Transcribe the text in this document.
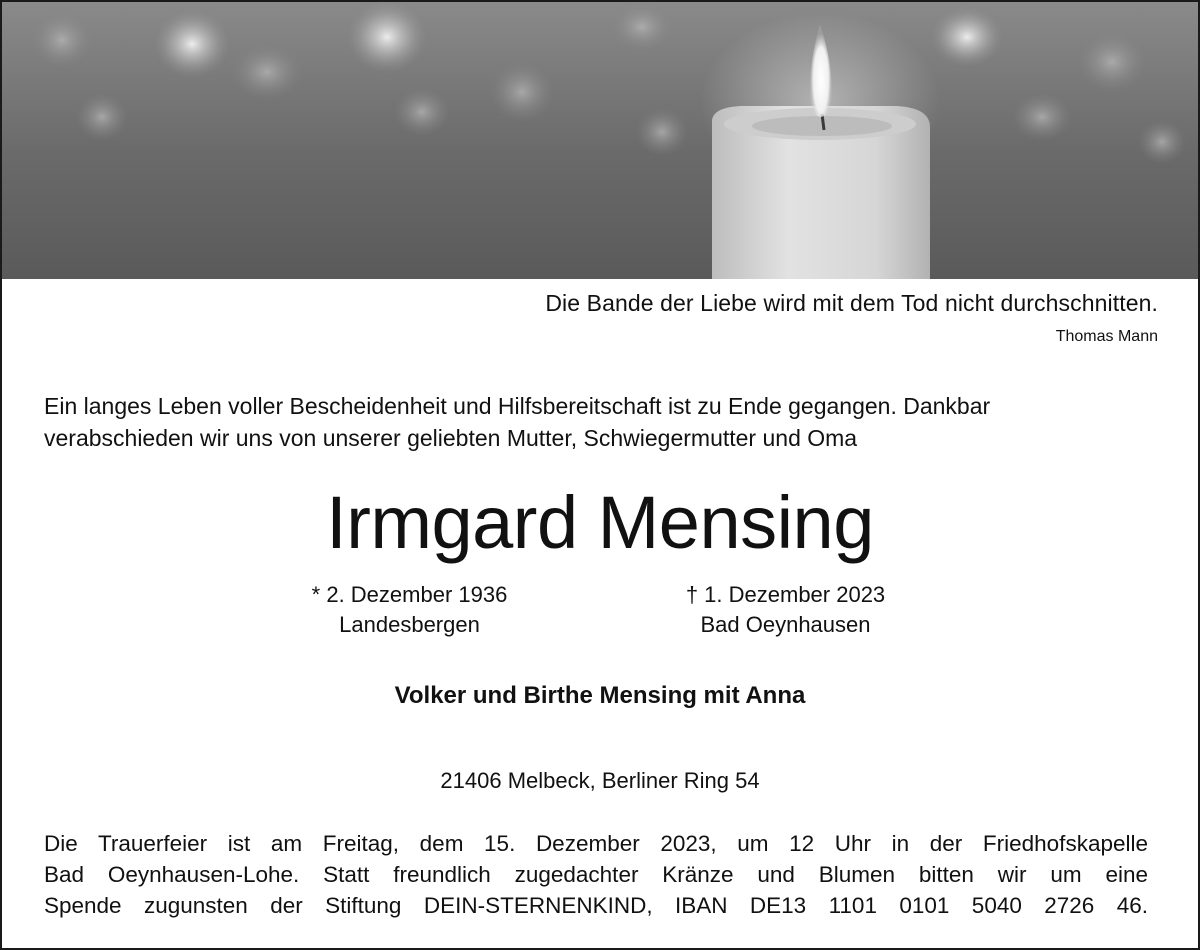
Die Bande der Liebe wird mit dem Tod nicht durchschnitten.
Thomas Mann
Ein langes Leben voller Bescheidenheit und Hilfsbereitschaft ist zu Ende gegangen. Dankbar
verabschieden wir uns von unserer geliebten Mutter, Schwiegermutter und Oma
Irmgard Mensing
* 2. Dezember 1936
Landesbergen
† 1. Dezember 2023
Bad Oeynhausen
Volker und Birthe Mensing mit Anna
21406 Melbeck, Berliner Ring 54
Die Trauerfeier ist am Freitag, dem 15. Dezember 2023, um 12 Uhr in der Friedhofskapelle
Bad Oeynhausen-Lohe. Statt freundlich zugedachter Kränze und Blumen bitten wir um eine
Spende zugunsten der Stiftung DEIN-STERNENKIND, IBAN DE13 1101 0101 5040 2726 46.
